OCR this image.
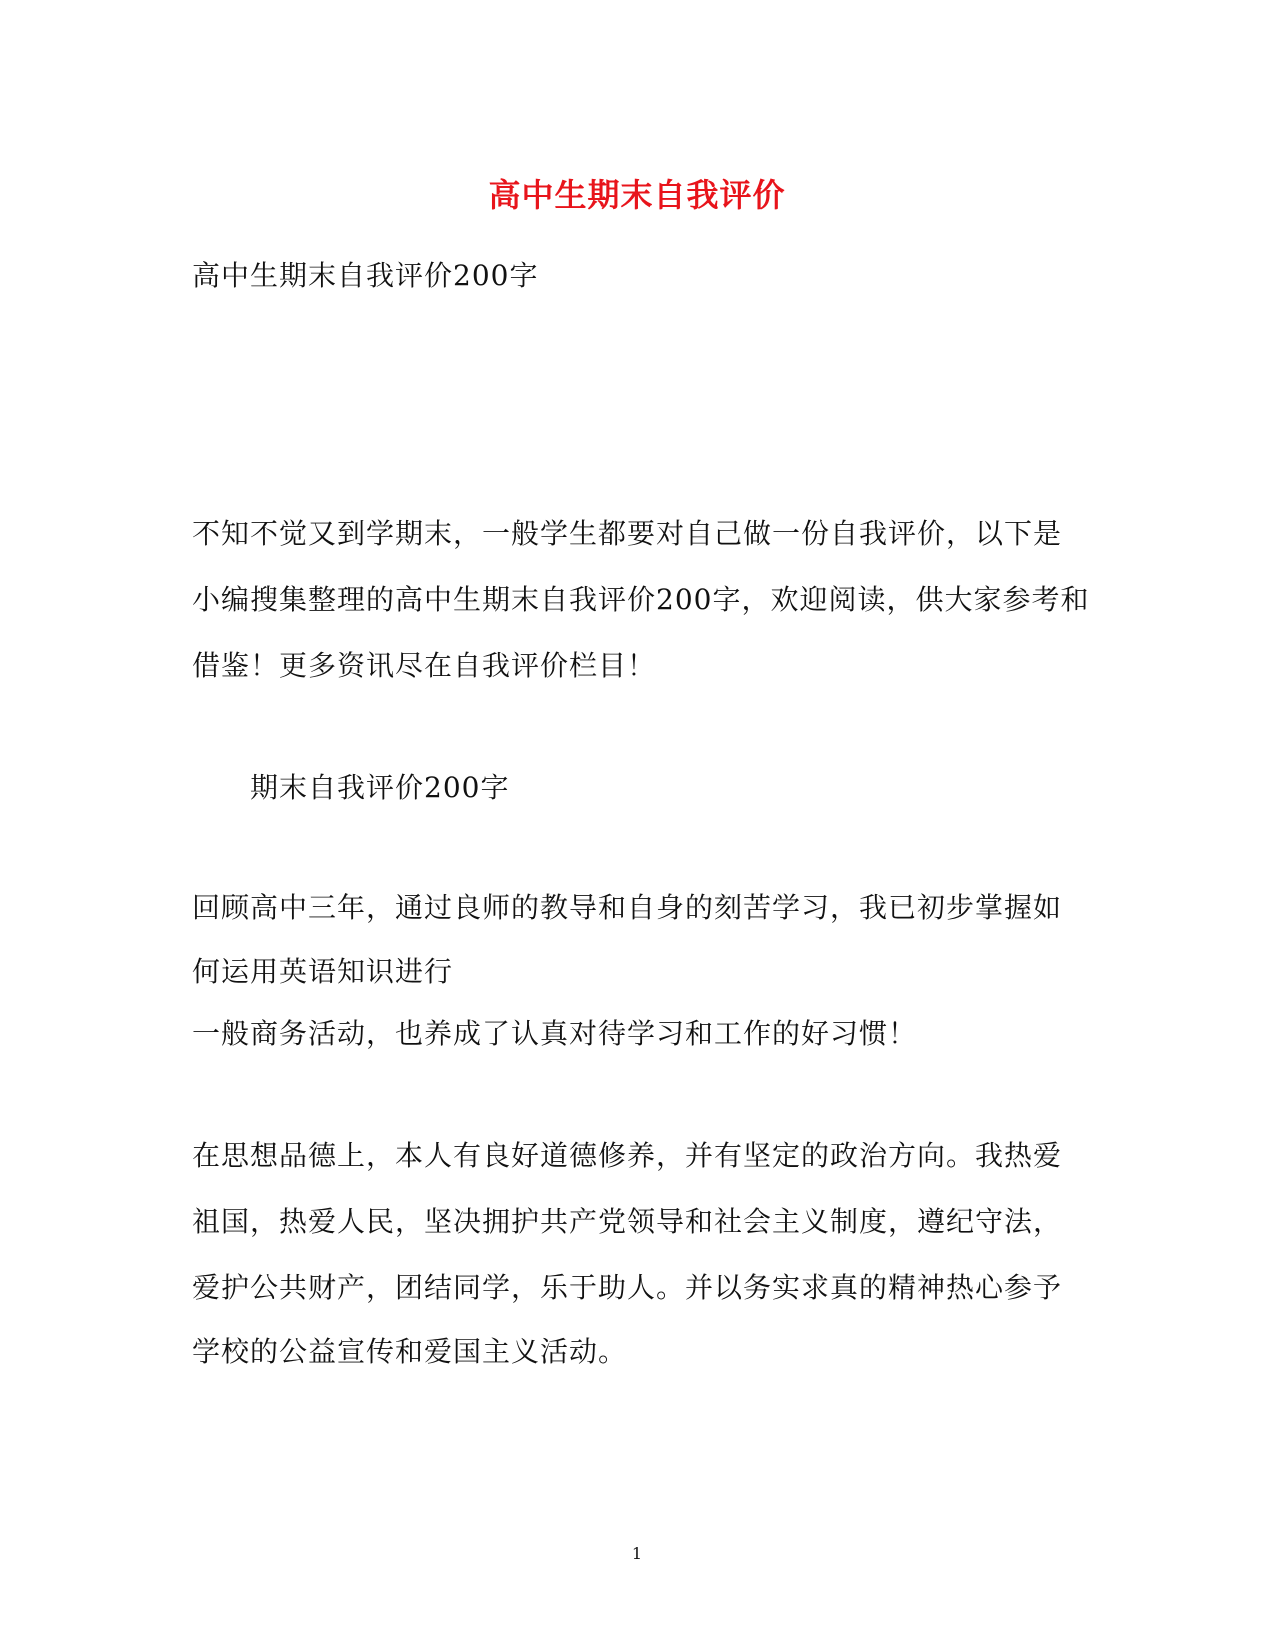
高中生期末自我评价
高中生期末自我评价200字
不知不觉又到学期末，一般学生都要对自己做一份自我评价，以下是
小编搜集整理的高中生期末自我评价200字，欢迎阅读，供大家参考和
借鉴！更多资讯尽在自我评价栏目！
期末自我评价200字
回顾高中三年，通过良师的教导和自身的刻苦学习，我已初步掌握如
何运用英语知识进行
一般商务活动，也养成了认真对待学习和工作的好习惯！
在思想品德上，本人有良好道德修养，并有坚定的政治方向。我热爱
祖国，热爱人民，坚决拥护共产党领导和社会主义制度，遵纪守法，
爱护公共财产，团结同学，乐于助人。并以务实求真的精神热心参予
学校的公益宣传和爱国主义活动。
1
